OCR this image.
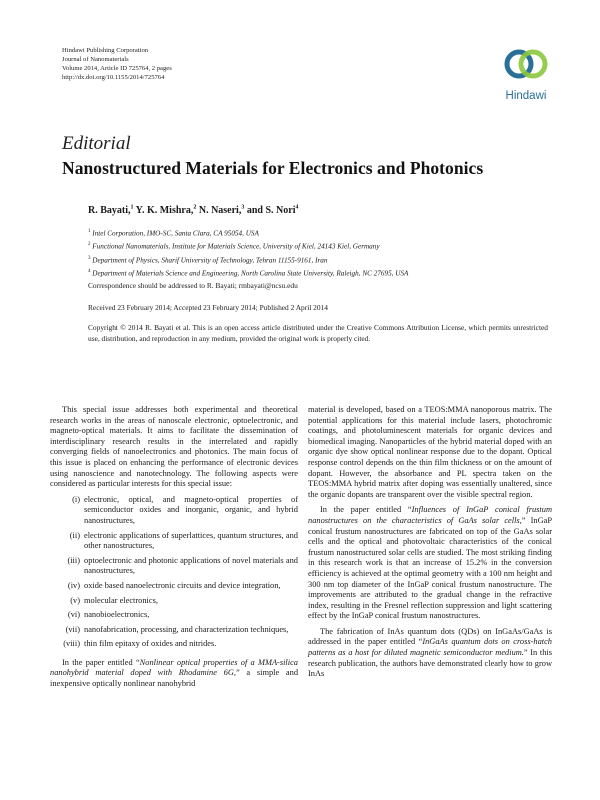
Hindawi Publishing Corporation
Journal of Nanomaterials
Volume 2014, Article ID 725764, 2 pages
http://dx.doi.org/10.1155/2014/725764
Hindawi
Editorial
Nanostructured Materials for Electronics and Photonics
R. Bayati,$^1$ Y. K. Mishra,$^2$ N. Naseri,$^3$ and S. Nori$^4$
$^1$ Intel Corporation, IMO-SC, Santa Clara, CA 95054, USA
$^2$ Functional Nanomaterials, Institute for Materials Science, University of Kiel, 24143 Kiel, Germany
$^3$ Department of Physics, Sharif University of Technology, Tehran 11155-9161, Iran
$^4$ Department of Materials Science and Engineering, North Carolina State University, Raleigh, NC 27695, USA
Correspondence should be addressed to R. Bayati; rmbayati@ncsu.edu
Received 23 February 2014; Accepted 23 February 2014; Published 2 April 2014
Copyright © 2014 R. Bayati et al. This is an open access article distributed under the Creative Commons Attribution License, which permits unrestricted use, distribution, and reproduction in any medium, provided the original work is properly cited.

This special issue addresses both experimental and theoretical research works in the areas of nanoscale electronic, optoelectronic, and magneto-optical materials. It aims to facilitate the dissemination of interdisciplinary research results in the interrelated and rapidly converging fields of nanoelectronics and photonics. The main focus of this issue is placed on enhancing the performance of electronic devices using nanoscience and nanotechnology. The following aspects were considered as particular interests for this special issue:

(i) electronic, optical, and magneto-optical properties of semiconductor oxides and inorganic, organic, and hybrid nanostructures,
(ii) electronic applications of superlattices, quantum structures, and other nanostructures,
(iii) optoelectronic and photonic applications of novel materials and nanostructures,
(iv) oxide based nanoelectronic circuits and device integration,
(v) molecular electronics,
(vi) nanobioelectronics,
(vii) nanofabrication, processing, and characterization techniques,
(viii) thin film epitaxy of oxides and nitrides.

In the paper entitled “Nonlinear optical properties of a MMA-silica nanohybrid material doped with Rhodamine 6G,” a simple and inexpensive optically nonlinear nanohybrid

material is developed, based on a TEOS:MMA nanoporous matrix. The potential applications for this material include lasers, photochromic coatings, and photoluminescent materials for organic devices and biomedical imaging. Nanoparticles of the hybrid material doped with an organic dye show optical nonlinear response due to the dopant. Optical response control depends on the thin film thickness or on the amount of dopant. However, the absorbance and PL spectra taken on the TEOS:MMA hybrid matrix after doping was essentially unaltered, since the organic dopants are transparent over the visible spectral region.

In the paper entitled “Influences of InGaP conical frustum nanostructures on the characteristics of GaAs solar cells,” InGaP conical frustum nanostructures are fabricated on top of the GaAs solar cells and the optical and photovoltaic characteristics of the conical frustum nanostructured solar cells are studied. The most striking finding in this research work is that an increase of 15.2% in the conversion efficiency is achieved at the optimal geometry with a 100 nm height and 300 nm top diameter of the InGaP conical frustum nanostructure. The improvements are attributed to the gradual change in the refractive index, resulting in the Fresnel reflection suppression and light scattering effect by the InGaP conical frustum nanostructures.

The fabrication of InAs quantum dots (QDs) on InGaAs/GaAs is addressed in the paper entitled “InGaAs quantum dots on cross-hatch patterns as a host for diluted magnetic semiconductor medium.” In this research publication, the authors have demonstrated clearly how to grow InAs
